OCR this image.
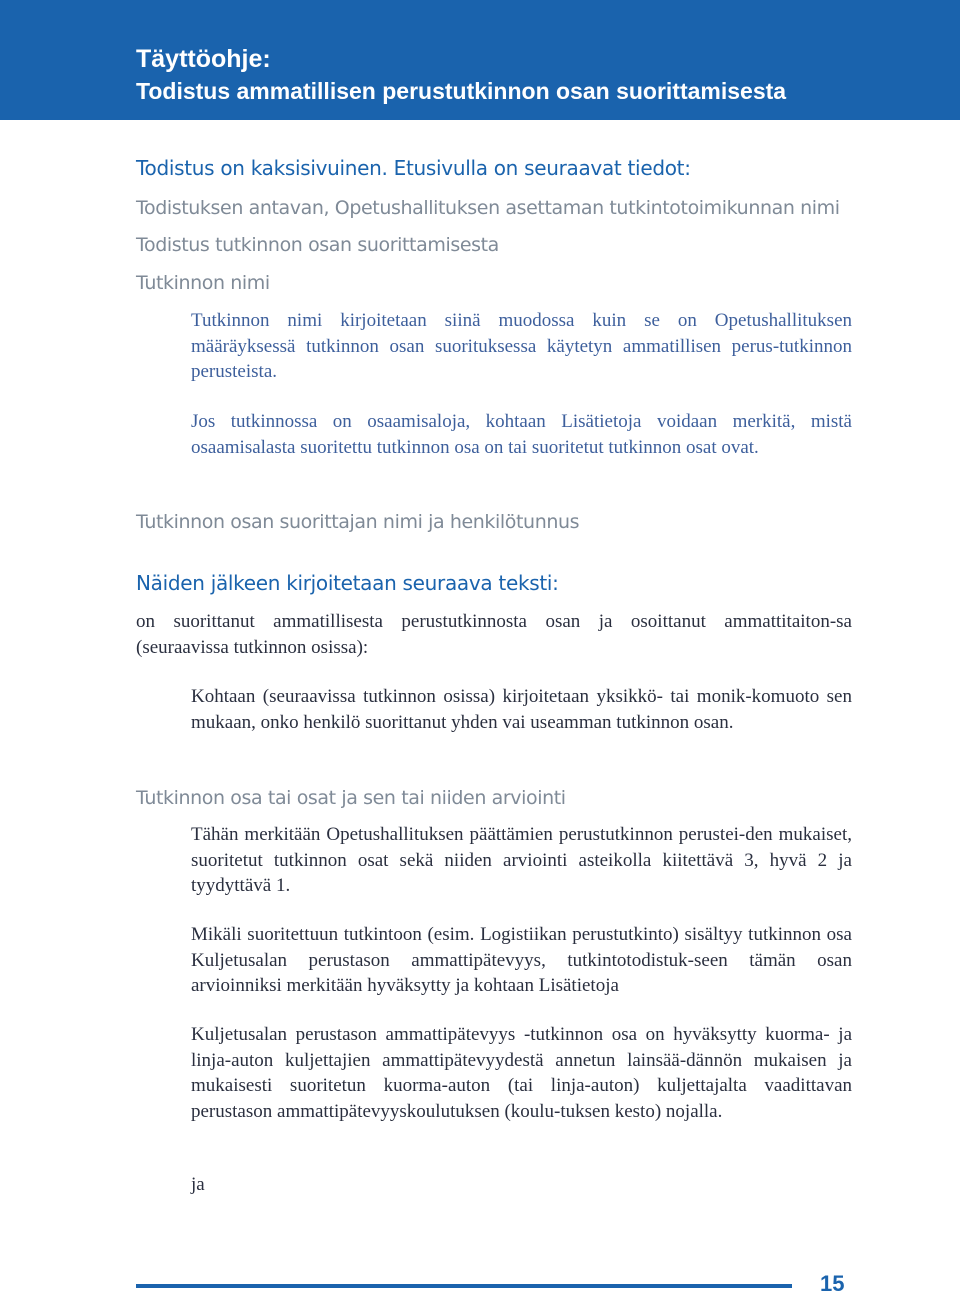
Täyttöohje:
Todistus ammatillisen perustutkinnon osan suorittamisesta
Todistus on kaksisivuinen. Etusivulla on seuraavat tiedot:
Todistuksen antavan, Opetushallituksen asettaman tutkintotoimikunnan nimi
Todistus tutkinnon osan suorittamisesta
Tutkinnon nimi

Tutkinnon nimi kirjoitetaan siinä muodossa kuin se on Opetushallituksen määräyksessä tutkinnon osan suorituksessa käytetyn ammatillisen perus-tutkinnon perusteista.

Jos tutkinnossa on osaamisaloja, kohtaan Lisätietoja voidaan merkitä, mistä osaamisalasta suoritettu tutkinnon osa on tai suoritetut tutkinnon osat ovat.

Tutkinnon osan suorittajan nimi ja henkilötunnus
Näiden jälkeen kirjoitetaan seuraava teksti:

on suorittanut ammatillisesta perustutkinnosta osan ja osoittanut ammattitaiton-sa (seuraavissa tutkinnon osissa):

Kohtaan (seuraavissa tutkinnon osissa) kirjoitetaan yksikkö- tai monik-komuoto sen mukaan, onko henkilö suorittanut yhden vai useamman tutkinnon osan.

Tutkinnon osa tai osat ja sen tai niiden arviointi

Tähän merkitään Opetushallituksen päättämien perustutkinnon perustei-den mukaiset, suoritetut tutkinnon osat sekä niiden arviointi asteikolla kiitettävä 3, hyvä 2 ja tyydyttävä 1.

Mikäli suoritettuun tutkintoon (esim. Logistiikan perustutkinto) sisältyy tutkinnon osa Kuljetusalan perustason ammattipätevyys, tutkintotodistuk-seen tämän osan arvioinniksi merkitään hyväksytty ja kohtaan Lisätietoja

Kuljetusalan perustason ammattipätevyys -tutkinnon osa on hyväksytty kuorma- ja linja-auton kuljettajien ammattipätevyydestä annetun lainsää-dännön mukaisen ja mukaisesti suoritetun kuorma-auton (tai linja-auton) kuljettajalta vaadittavan perustason ammattipätevyyskoulutuksen (koulu-tuksen kesto) nojalla.

ja

15
